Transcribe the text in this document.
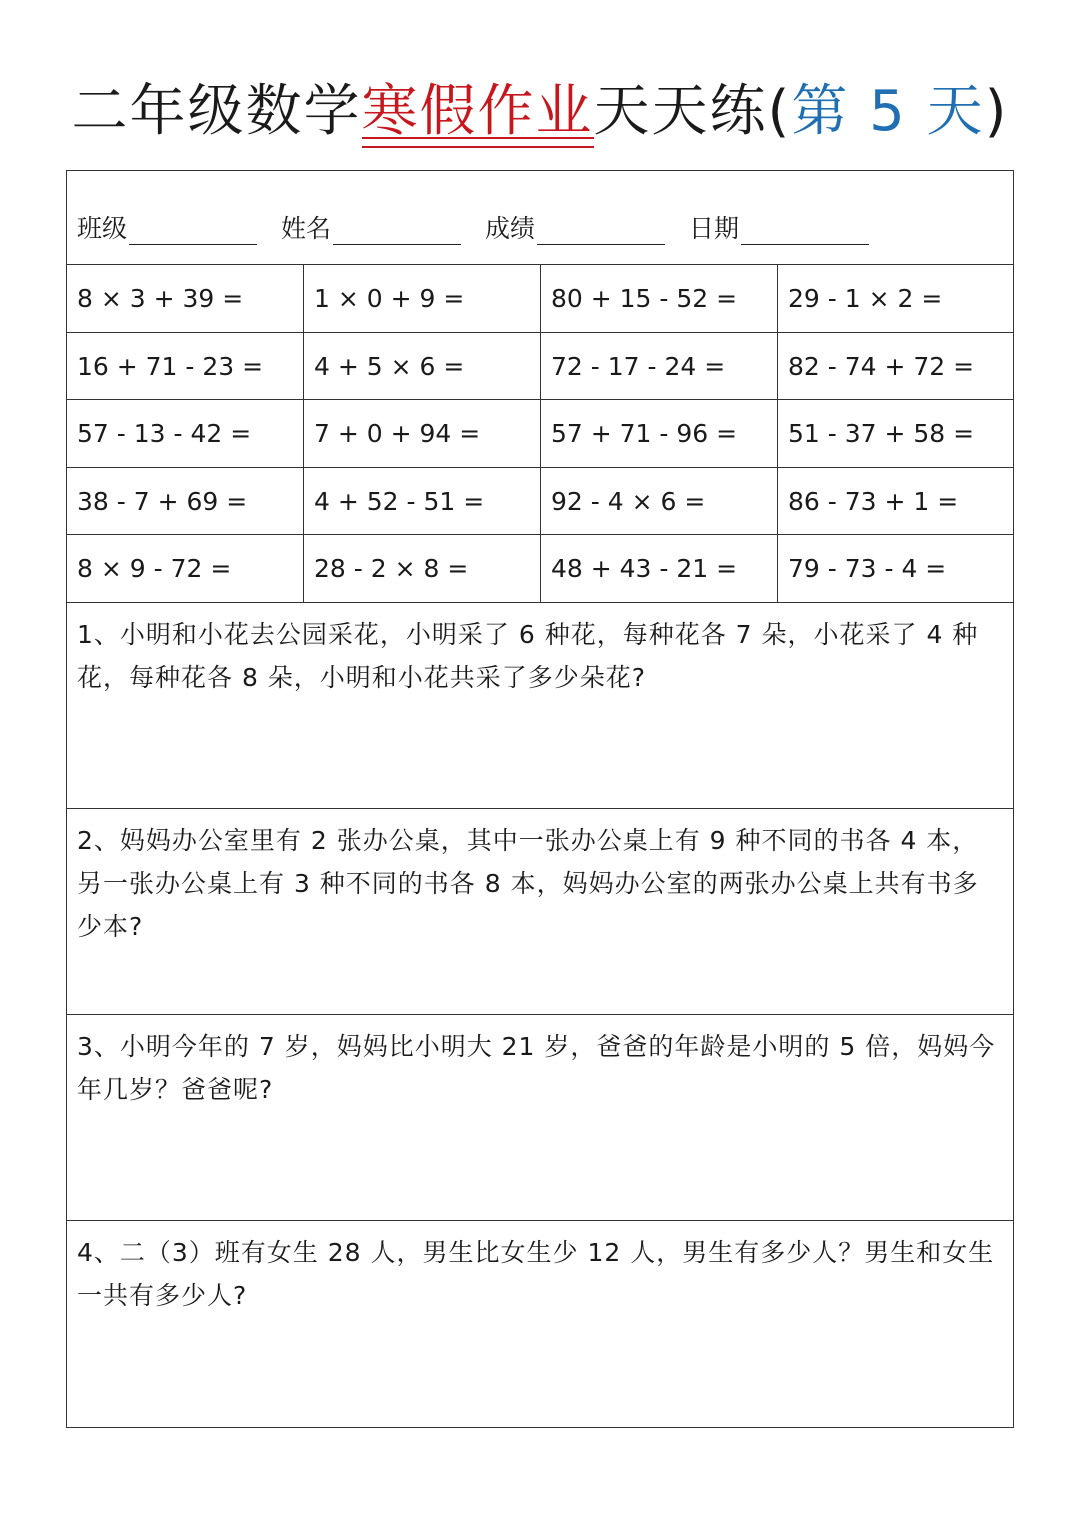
二年级数学寒假作业天天练(第 5 天)
班级	姓名	成绩	日期
8 × 3 + 39 =	1 × 0 + 9 =	80 + 15 - 52 =	29 - 1 × 2 =
16 + 71 - 23 =	4 + 5 × 6 =	72 - 17 - 24 =	82 - 74 + 72 =
57 - 13 - 42 =	7 + 0 + 94 =	57 + 71 - 96 =	51 - 37 + 58 =
38 - 7 + 69 =	4 + 52 - 51 =	92 - 4 × 6 =	86 - 73 + 1 =
8 × 9 - 72 =	28 - 2 × 8 =	48 + 43 - 21 =	79 - 73 - 4 =
1、小明和小花去公园采花，小明采了 6 种花，每种花各 7 朵，小花采了 4 种花，每种花各 8 朵，小明和小花共采了多少朵花?
2、妈妈办公室里有 2 张办公桌，其中一张办公桌上有 9 种不同的书各 4 本，另一张办公桌上有 3 种不同的书各 8 本，妈妈办公室的两张办公桌上共有书多少本?
3、小明今年的 7 岁，妈妈比小明大 21 岁，爸爸的年龄是小明的 5 倍，妈妈今年几岁？爸爸呢?
4、二（3）班有女生 28 人，男生比女生少 12 人，男生有多少人？男生和女生一共有多少人?
